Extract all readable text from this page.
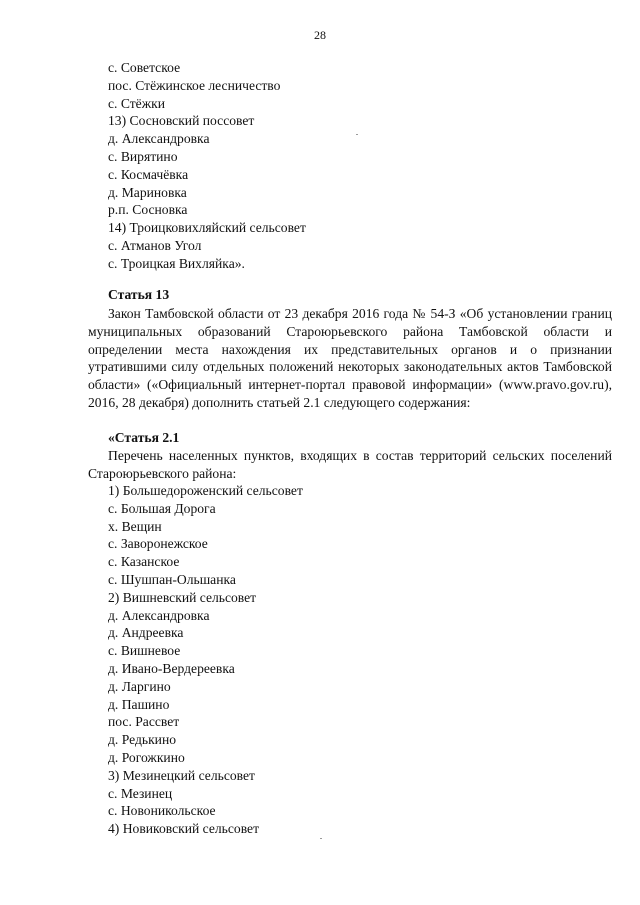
28
с. Советское
пос. Стёжинское лесничество
с. Стёжки
13) Сосновский поссовет
д. Александровка
с. Вирятино
с. Космачёвка
д. Мариновка
р.п. Сосновка
14) Троицковихляйский сельсовет
с. Атманов Угол
с. Троицкая Вихляйка».
Статья 13

Закон Тамбовской области от 23 декабря 2016 года № 54-З «Об установлении границ муниципальных образований Староюрьевского района Тамбовской области и определении места нахождения их представительных органов и о признании утратившими силу отдельных положений некоторых законодательных актов Тамбовской области» («Официальный интернет-портал правовой информации» (www.pravo.gov.ru), 2016, 28 декабря) дополнить статьей 2.1 следующего содержания:

«Статья 2.1

Перечень населенных пунктов, входящих в состав территорий сельских поселений Староюрьевского района:

1) Большедороженский сельсовет
с. Большая Дорога
х. Вещин
с. Заворонежское
с. Казанское
с. Шушпан-Ольшанка
2) Вишневский сельсовет
д. Александровка
д. Андреевка
с. Вишневое
д. Ивано-Вердереевка
д. Ларгино
д. Пашино
пос. Рассвет
д. Редькино
д. Рогожкино
3) Мезинецкий сельсовет
с. Мезинец
с. Новоникольское
4) Новиковский сельсовет
